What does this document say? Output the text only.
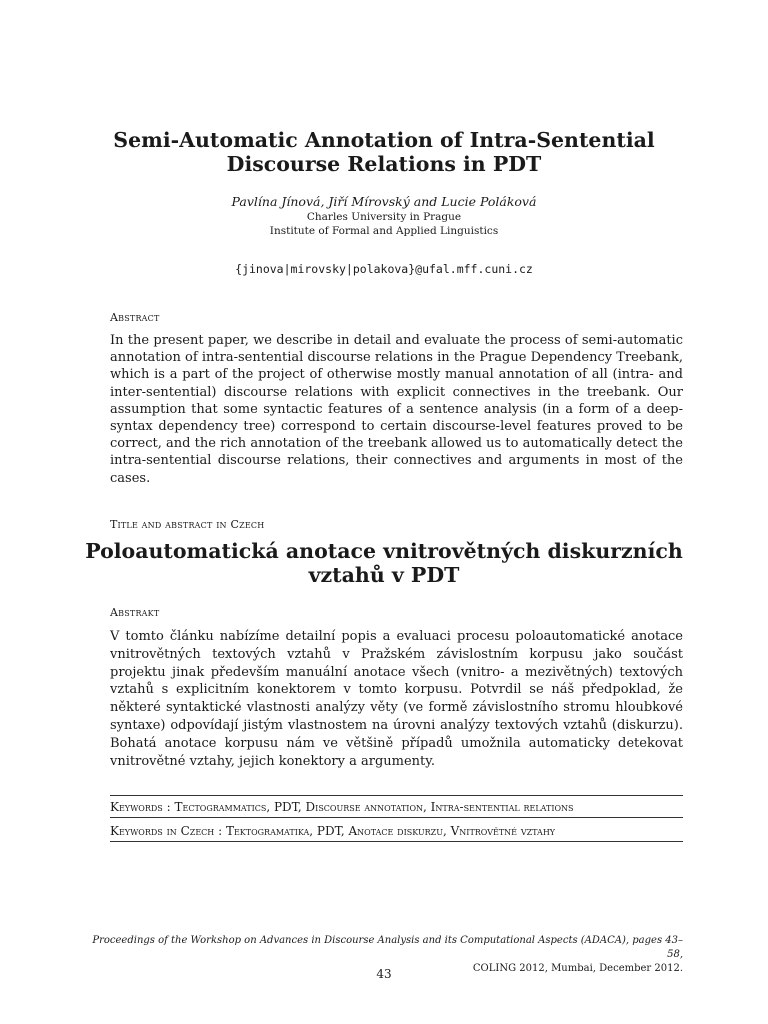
Semi-Automatic Annotation of Intra-Sentential
Discourse Relations in PDT
Pavlína Jínová, Jiří Mírovský and Lucie Poláková
Charles University in Prague
Institute of Formal and Applied Linguistics
{jinova|mirovsky|polakova}@ufal.mff.cuni.cz
Abstract
In the present paper, we describe in detail and evaluate the process of semi-automatic annotation of intra-sentential discourse relations in the Prague Dependency Treebank, which is a part of the project of otherwise mostly manual annotation of all (intra- and inter-sentential) discourse relations with explicit connectives in the treebank. Our assumption that some syntactic features of a sentence analysis (in a form of a deep-syntax dependency tree) correspond to certain discourse-level features proved to be correct, and the rich annotation of the treebank allowed us to automatically detect the intra-sentential discourse relations, their connectives and arguments in most of the cases.
Title and abstract in Czech
Poloautomatická anotace vnitrovětných diskurzních
vztahů v PDT
Abstrakt
V tomto článku nabízíme detailní popis a evaluaci procesu poloautomatické anotace vnitrovětných textových vztahů v Pražském závislostním korpusu jako součást projektu jinak především manuální anotace všech (vnitro- a mezivětných) textových vztahů s explicitním konektorem v tomto korpusu. Potvrdil se náš předpoklad, že některé syntaktické vlastnosti analýzy věty (ve formě závislostního stromu hloubkové syntaxe) odpovídají jistým vlastnostem na úrovni analýzy textových vztahů (diskurzu). Bohatá anotace korpusu nám ve většině případů umožnila automaticky detekovat vnitrovětné vztahy, jejich konektory a argumenty.
Keywords : Tectogrammatics, PDT, Discourse annotation, Intra-sentential relations
Keywords in Czech : Tektogramatika, PDT, Anotace diskurzu, Vnitrovětné vztahy
Proceedings of the Workshop on Advances in Discourse Analysis and its Computational Aspects (ADACA), pages 43–58,
COLING 2012, Mumbai, December 2012.
43
